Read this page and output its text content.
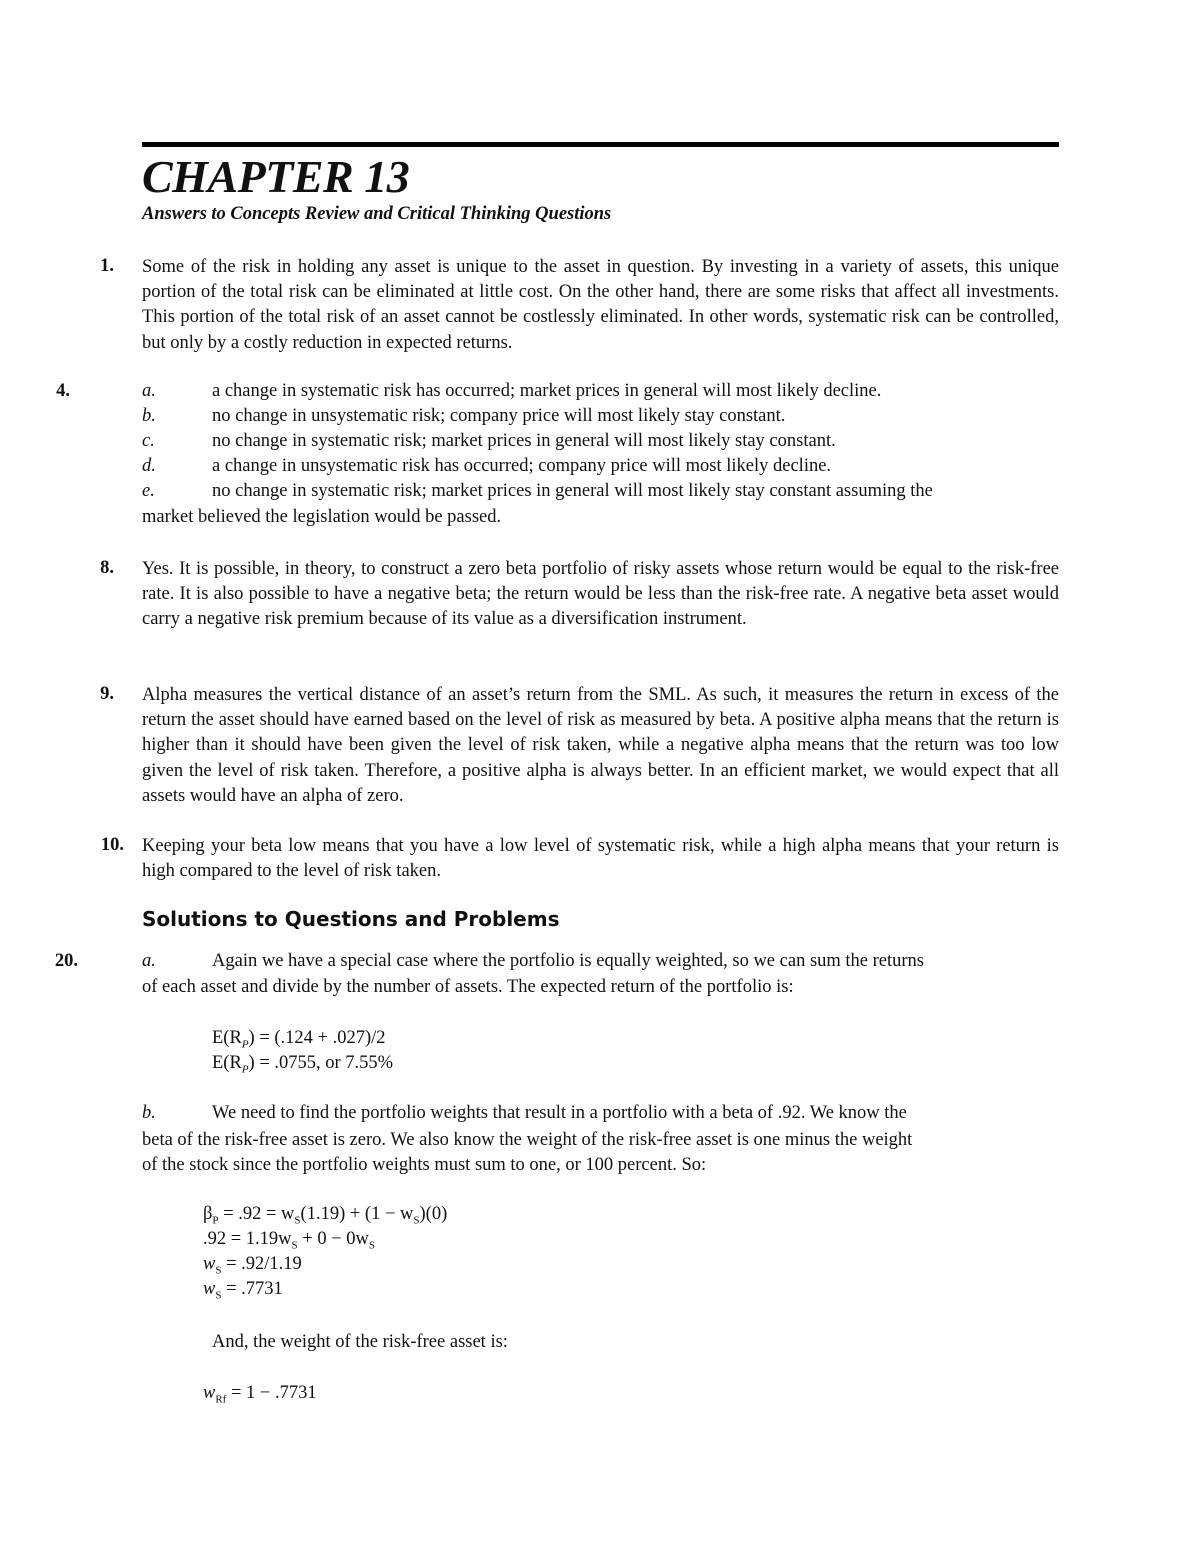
CHAPTER 13
Answers to Concepts Review and Critical Thinking Questions
1. Some of the risk in holding any asset is unique to the asset in question. By investing in a variety of assets, this unique portion of the total risk can be eliminated at little cost. On the other hand, there are some risks that affect all investments. This portion of the total risk of an asset cannot be costlessly eliminated. In other words, systematic risk can be controlled, but only by a costly reduction in expected returns.
4.	a.	a change in systematic risk has occurred; market prices in general will most likely decline.
b.	no change in unsystematic risk; company price will most likely stay constant.
c.	no change in systematic risk; market prices in general will most likely stay constant.
d.	a change in unsystematic risk has occurred; company price will most likely decline.
e.	no change in systematic risk; market prices in general will most likely stay constant assuming the
market believed the legislation would be passed.
8. Yes. It is possible, in theory, to construct a zero beta portfolio of risky assets whose return would be equal to the risk-free rate. It is also possible to have a negative beta; the return would be less than the risk-free rate. A negative beta asset would carry a negative risk premium because of its value as a diversification instrument.
9. Alpha measures the vertical distance of an asset’s return from the SML. As such, it measures the return in excess of the return the asset should have earned based on the level of risk as measured by beta. A positive alpha means that the return is higher than it should have been given the level of risk taken, while a negative alpha means that the return was too low given the level of risk taken. Therefore, a positive alpha is always better. In an efficient market, we would expect that all assets would have an alpha of zero.
10. Keeping your beta low means that you have a low level of systematic risk, while a high alpha means that your return is high compared to the level of risk taken.
Solutions to Questions and Problems
20.	a.	Again we have a special case where the portfolio is equally weighted, so we can sum the returns
of each asset and divide by the number of assets. The expected return of the portfolio is:
$E(R_P) = (.124 + .027)/2$
$E(R_P) = .0755$, or 7.55%
b.	We need to find the portfolio weights that result in a portfolio with a beta of .92. We know the
beta of the risk-free asset is zero. We also know the weight of the risk-free asset is one minus the weight
of the stock since the portfolio weights must sum to one, or 100 percent. So:
$\beta_P = .92 = w_S(1.19) + (1 - w_S)(0)$
$.92 = 1.19w_S + 0 - 0w_S$
$w_S = .92/1.19$
$w_S = .7731$
And, the weight of the risk-free asset is:
$w_{Rf} = 1 - .7731$
